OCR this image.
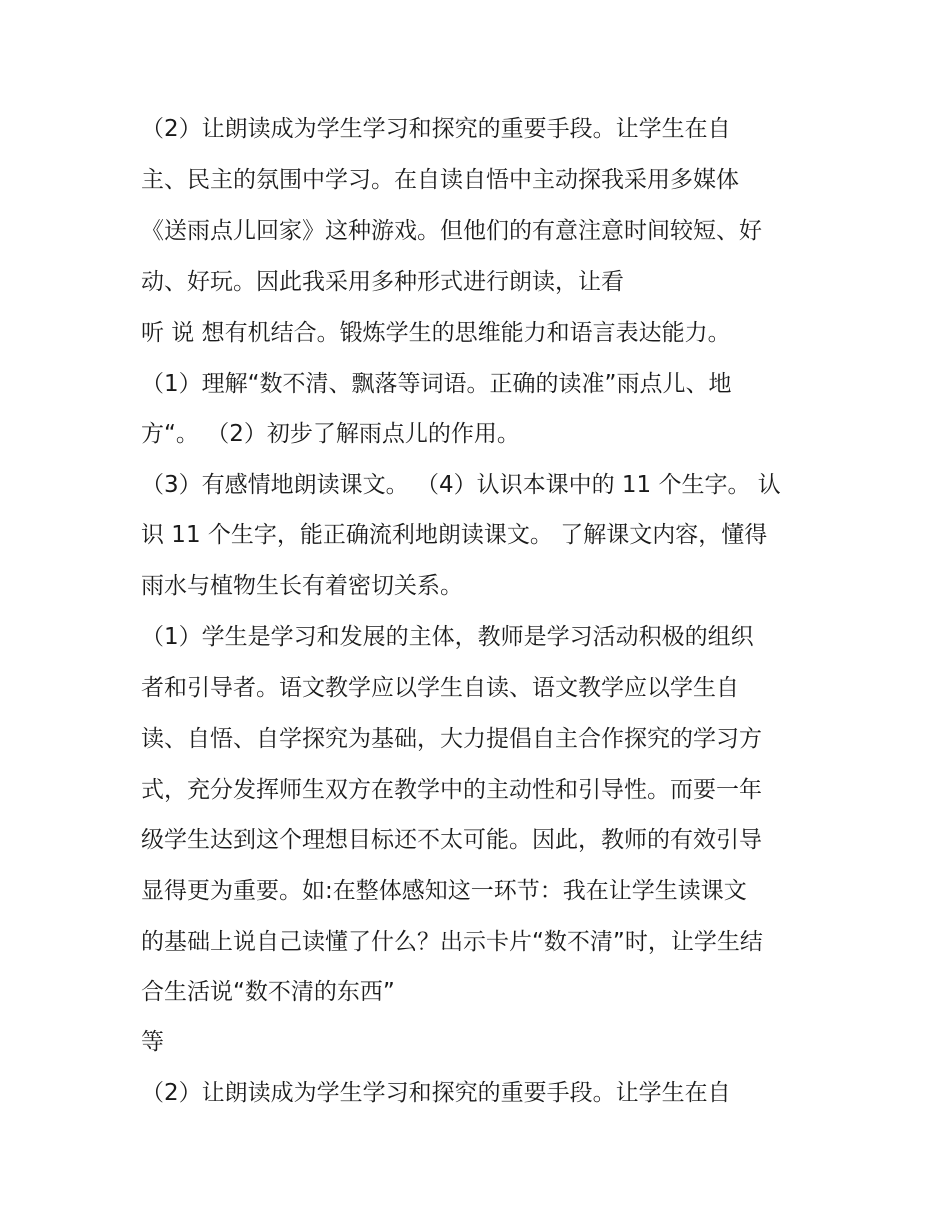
（2）让朗读成为学生学习和探究的重要手段。让学生在自
主、民主的氛围中学习。在自读自悟中主动探我采用多媒体
《送雨点儿回家》这种游戏。但他们的有意注意时间较短、好
动、好玩。因此我采用多种形式进行朗读，让看
听 说 想有机结合。锻炼学生的思维能力和语言表达能力。
（1）理解“数不清、飘落等词语。正确的读准”雨点儿、地
方“。 （2）初步了解雨点儿的作用。
（3）有感情地朗读课文。 （4）认识本课中的 11 个生字。 认
识 11 个生字，能正确流利地朗读课文。 了解课文内容，懂得
雨水与植物生长有着密切关系。
（1）学生是学习和发展的主体，教师是学习活动积极的组织
者和引导者。语文教学应以学生自读、语文教学应以学生自
读、自悟、自学探究为基础，大力提倡自主合作探究的学习方
式，充分发挥师生双方在教学中的主动性和引导性。而要一年
级学生达到这个理想目标还不太可能。因此，教师的有效引导
显得更为重要。如:在整体感知这一环节：我在让学生读课文
的基础上说自己读懂了什么？出示卡片“数不清”时，让学生结
合生活说“数不清的东西”
等
（2）让朗读成为学生学习和探究的重要手段。让学生在自
